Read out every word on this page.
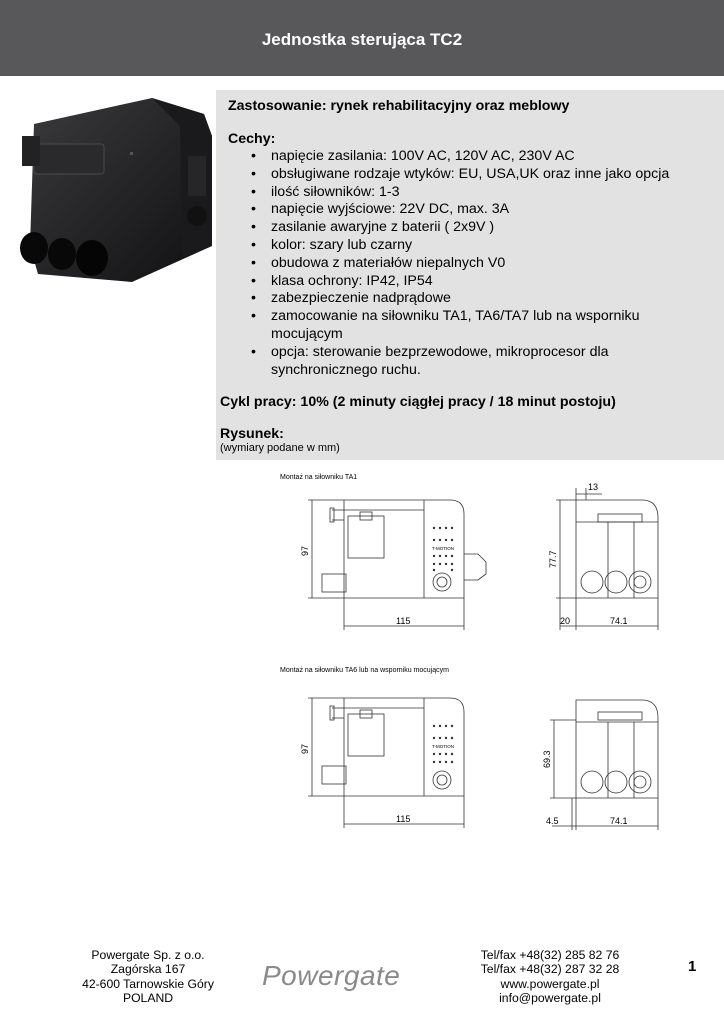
Jednostka sterująca TC2
Zastosowanie: rynek rehabilitacyjny oraz meblowy
Cechy:
• napięcie zasilania: 100V AC, 120V AC, 230V AC
• obsługiwane rodzaje wtyków: EU, USA,UK oraz inne jako opcja
• ilość siłowników: 1-3
• napięcie wyjściowe: 22V DC, max. 3A
• zasilanie awaryjne z baterii ( 2x9V )
• kolor: szary lub czarny
• obudowa z materiałów niepalnych V0
• klasa ochrony: IP42, IP54
• zabezpieczenie nadprądowe
• zamocowanie na siłowniku TA1, TA6/TA7 lub na wsporniku mocującym
• opcja: sterowanie bezprzewodowe, mikroprocesor dla synchronicznego ruchu.
Cykl pracy: 10% (2 minuty ciągłej pracy / 18 minut postoju)
Rysunek:
(wymiary podane w mm)
Montaż na siłowniku TA1
Montaż na siłowniku TA6 lub na wsporniku mocującym
T-MOTION
97
115
13
77.7
20	74.1
T-MOTION
97
115
69.3
4.5	74.1
Powergate Sp. z o.o.
Zagórska 167
42-600 Tarnowskie Góry
POLAND
Powergate
Tel/fax +48(32) 285 82 76
Tel/fax +48(32) 287 32 28
www.powergate.pl
info@powergate.pl
1
